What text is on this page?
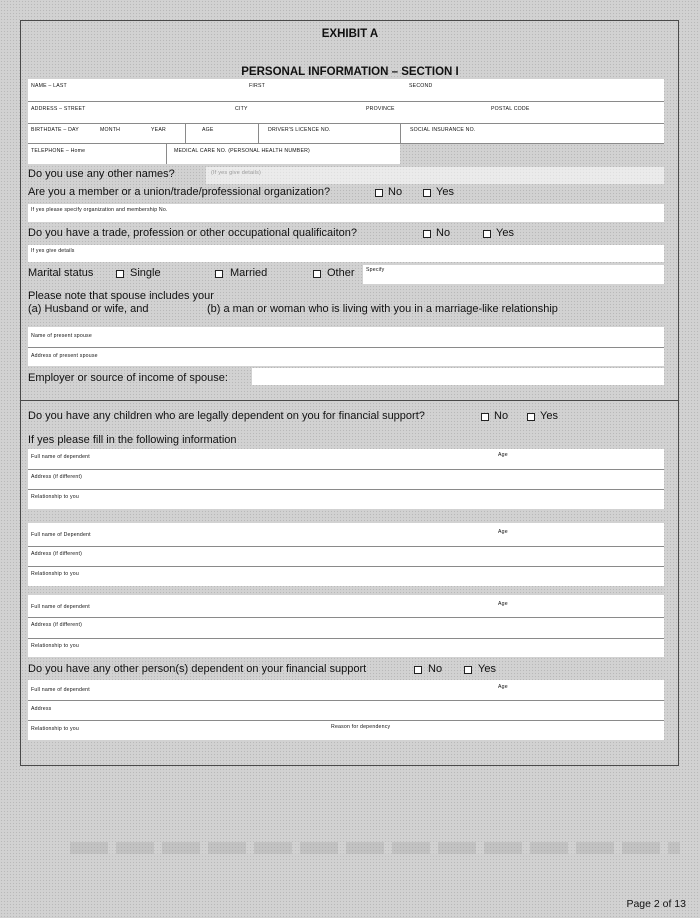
EXHIBIT A
PERSONAL INFORMATION – SECTION I
NAME – LAST	FIRST	SECOND
ADDRESS – STREET	CITY	PROVINCE	POSTAL CODE
BIRTHDATE – DAY	MONTH	YEAR	AGE	DRIVER'S LICENCE NO.	SOCIAL INSURANCE NO.
TELEPHONE – Home	MEDICAL CARE NO. (PERSONAL HEALTH NUMBER)
Do you use any other names?
Are you a member or a union/trade/professional organization?	No	Yes
If yes please specify organization and membership No.
Do you have a trade, profession or other occupational qualificaiton?	No	Yes
If yes give details
Marital status	Single	Married	Other Specify
Please note that spouse includes your
(a) Husband or wife, and	(b) a man or woman who is living with you in a marriage-like relationship
Name of present spouse
Address of present spouse
Employer or source of income of spouse:
Do you have any children who are legally dependent on you for financial support?	No	Yes
If yes please fill in the following information
Full name of dependent	Age
Address (if different)
Relationship to you
Full name of Dependent	Age
Address (if different)
Relationship to you
Full name of dependent	Age
Address (if different)
Relationship to you
Do you have any other person(s) dependent on your financial support	No	Yes
Full name of dependent	Age
Address
Relationship to you	Reason for dependency
Page 2 of 13
